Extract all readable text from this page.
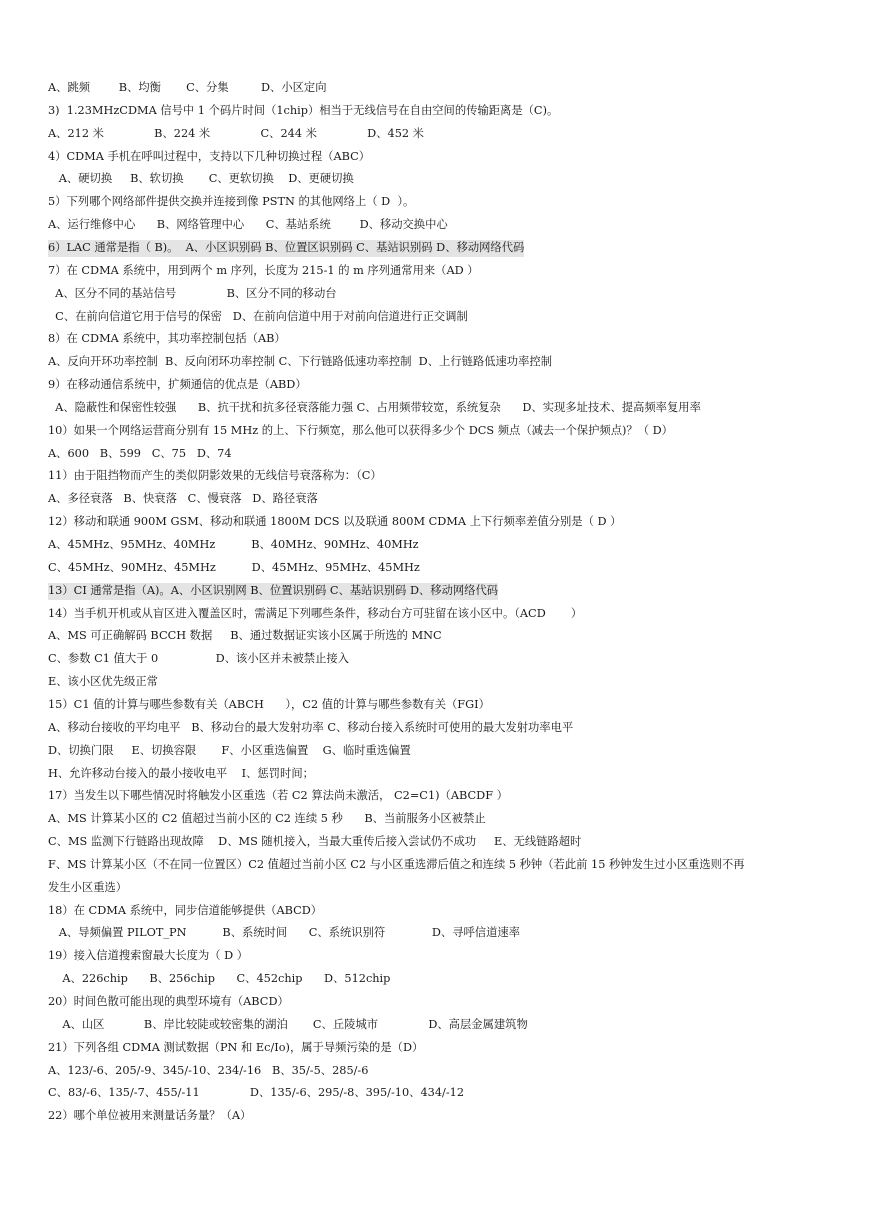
A、跳频        B、均衡       C、分集         D、小区定向
3)  1.23MHzCDMA 信号中 1 个码片时间（1chip）相当于无线信号在自由空间的传输距离是（C)。
A、212 米              B、224 米              C、244 米              D、452 米
4）CDMA 手机在呼叫过程中，支持以下几种切换过程（ABC）
A、硬切换     B、软切换       C、更软切换    D、更硬切换
5）下列哪个网络部件提供交换并连接到像 PSTN 的其他网络上（ D  ）。
A、运行维修中心      B、网络管理中心      C、基站系统        D、移动交换中心
6）LAC 通常是指（ B)。  A、小区识别码 B、位置区识别码 C、基站识别码 D、移动网络代码
7）在 CDMA 系统中，用到两个 m 序列，长度为 215-1 的 m 序列通常用来（AD ）
A、区分不同的基站信号              B、区分不同的移动台
C、在前向信道它用于信号的保密   D、在前向信道中用于对前向信道进行正交调制
8）在 CDMA 系统中，其功率控制包括（AB）
A、反向开环功率控制  B、反向闭环功率控制 C、下行链路低速功率控制  D、上行链路低速功率控制
9）在移动通信系统中，扩频通信的优点是（ABD）
A、隐蔽性和保密性较强      B、抗干扰和抗多径衰落能力强 C、占用频带较宽，系统复杂      D、实现多址技术、提高频率复用率
10）如果一个网络运营商分别有 15 MHz 的上、下行频宽，那么他可以获得多少个 DCS 频点（减去一个保护频点)？（ D）
A、600   B、599   C、75   D、74
11）由于阻挡物而产生的类似阴影效果的无线信号衰落称为：（C）
A、多径衰落   B、快衰落   C、慢衰落   D、路径衰落
12）移动和联通 900M GSM、移动和联通 1800M DCS 以及联通 800M CDMA 上下行频率差值分别是（ D ）
A、45MHz、95MHz、40MHz          B、40MHz、90MHz、40MHz
C、45MHz、90MHz、45MHz          D、45MHz、95MHz、45MHz
13）CI 通常是指（A)。A、小区识别网 B、位置识别码 C、基站识别码 D、移动网络代码
14）当手机开机或从盲区进入覆盖区时，需满足下列哪些条件，移动台方可驻留在该小区中。（ACD       ）
A、MS 可正确解码 BCCH 数据     B、通过数据证实该小区属于所选的 MNC
C、参数 C1 值大于 0                D、该小区并未被禁止接入
E、该小区优先级正常
15）C1 值的计算与哪些参数有关（ABCH      ），C2 值的计算与哪些参数有关（FGI）
A、移动台接收的平均电平   B、移动台的最大发射功率 C、移动台接入系统时可使用的最大发射功率电平
D、切换门限     E、切换容限       F、小区重选偏置    G、临时重选偏置
H、允许移动台接入的最小接收电平    I、惩罚时间；
17）当发生以下哪些情况时将触发小区重选（若 C2 算法尚未激活， C2=C1)（ABCDF ）
A、MS 计算某小区的 C2 值超过当前小区的 C2 连续 5 秒      B、当前服务小区被禁止
C、MS 监测下行链路出现故障    D、MS 随机接入，当最大重传后接入尝试仍不成功     E、无线链路超时
F、MS 计算某小区（不在同一位置区）C2 值超过当前小区 C2 与小区重选滞后值之和连续 5 秒钟（若此前 15 秒钟发生过小区重选则不再
发生小区重选）
18）在 CDMA 系统中，同步信道能够提供（ABCD）
A、导频偏置 PILOT_PN          B、系统时间      C、系统识别符             D、寻呼信道速率
19）接入信道搜索窗最大长度为（ D ）
A、226chip      B、256chip      C、452chip      D、512chip
20）时间色散可能出现的典型环境有（ABCD）
A、山区           B、岸比较陡或较密集的湖泊       C、丘陵城市              D、高层金属建筑物
21）下列各组 CDMA 测试数据（PN 和 Ec/Io)，属于导频污染的是（D）
A、123/-6、205/-9、345/-10、234/-16   B、35/-5、285/-6
C、83/-6、135/-7、455/-11              D、135/-6、295/-8、395/-10、434/-12
22）哪个单位被用来测量话务量？（A）
